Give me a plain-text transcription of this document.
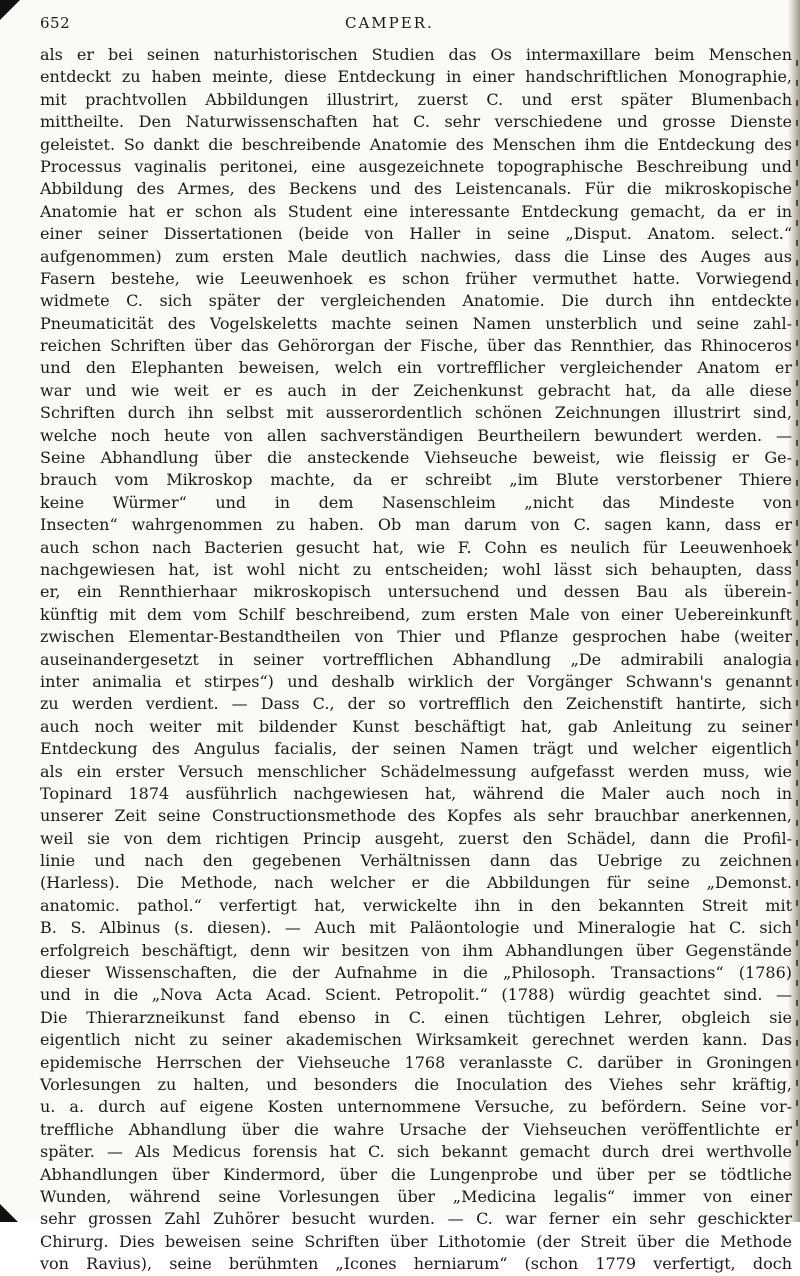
652	CAMPER.
als er bei seinen naturhistorischen Studien das Os intermaxillare beim Menschen
entdeckt zu haben meinte, diese Entdeckung in einer handschriftlichen Monographie,
mit prachtvollen Abbildungen illustrirt, zuerst C. und erst später Blumenbach
mittheilte. Den Naturwissenschaften hat C. sehr verschiedene und grosse Dienste
geleistet. So dankt die beschreibende Anatomie des Menschen ihm die Entdeckung des
Processus vaginalis peritonei, eine ausgezeichnete topographische Beschreibung und
Abbildung des Armes, des Beckens und des Leistencanals. Für die mikroskopische
Anatomie hat er schon als Student eine interessante Entdeckung gemacht, da er in
einer seiner Dissertationen (beide von Haller in seine „Disput. Anatom. select.“
aufgenommen) zum ersten Male deutlich nachwies, dass die Linse des Auges aus
Fasern bestehe, wie Leeuwenhoek es schon früher vermuthet hatte. Vorwiegend
widmete C. sich später der vergleichenden Anatomie. Die durch ihn entdeckte
Pneumaticität des Vogelskeletts machte seinen Namen unsterblich und seine zahl-
reichen Schriften über das Gehörorgan der Fische, über das Rennthier, das Rhinoceros
und den Elephanten beweisen, welch ein vortrefflicher vergleichender Anatom er
war und wie weit er es auch in der Zeichenkunst gebracht hat, da alle diese
Schriften durch ihn selbst mit ausserordentlich schönen Zeichnungen illustrirt sind,
welche noch heute von allen sachverständigen Beurtheilern bewundert werden. —
Seine Abhandlung über die ansteckende Viehseuche beweist, wie fleissig er Ge-
brauch vom Mikroskop machte, da er schreibt „im Blute verstorbener Thiere
keine Würmer“ und in dem Nasenschleim „nicht das Mindeste von
Insecten“ wahrgenommen zu haben. Ob man darum von C. sagen kann, dass er
auch schon nach Bacterien gesucht hat, wie F. Cohn es neulich für Leeuwenhoek
nachgewiesen hat, ist wohl nicht zu entscheiden; wohl lässt sich behaupten, dass
er, ein Rennthierhaar mikroskopisch untersuchend und dessen Bau als überein-
künftig mit dem vom Schilf beschreibend, zum ersten Male von einer Uebereinkunft
zwischen Elementar-Bestandtheilen von Thier und Pflanze gesprochen habe (weiter
auseinandergesetzt in seiner vortrefflichen Abhandlung „De admirabili analogia
inter animalia et stirpes“) und deshalb wirklich der Vorgänger Schwann's genannt
zu werden verdient. — Dass C., der so vortrefflich den Zeichenstift hantirte, sich
auch noch weiter mit bildender Kunst beschäftigt hat, gab Anleitung zu seiner
Entdeckung des Angulus facialis, der seinen Namen trägt und welcher eigentlich
als ein erster Versuch menschlicher Schädelmessung aufgefasst werden muss, wie
Topinard 1874 ausführlich nachgewiesen hat, während die Maler auch noch in
unserer Zeit seine Constructionsmethode des Kopfes als sehr brauchbar anerkennen,
weil sie von dem richtigen Princip ausgeht, zuerst den Schädel, dann die Profil-
linie und nach den gegebenen Verhältnissen dann das Uebrige zu zeichnen
(Harless). Die Methode, nach welcher er die Abbildungen für seine „Demonst.
anatomic. pathol.“ verfertigt hat, verwickelte ihn in den bekannten Streit mit
B. S. Albinus (s. diesen). — Auch mit Paläontologie und Mineralogie hat C. sich
erfolgreich beschäftigt, denn wir besitzen von ihm Abhandlungen über Gegenstände
dieser Wissenschaften, die der Aufnahme in die „Philosoph. Transactions“ (1786)
und in die „Nova Acta Acad. Scient. Petropolit.“ (1788) würdig geachtet sind. —
Die Thierarzneikunst fand ebenso in C. einen tüchtigen Lehrer, obgleich sie
eigentlich nicht zu seiner akademischen Wirksamkeit gerechnet werden kann. Das
epidemische Herrschen der Viehseuche 1768 veranlasste C. darüber in Groningen
Vorlesungen zu halten, und besonders die Inoculation des Viehes sehr kräftig,
u. a. durch auf eigene Kosten unternommene Versuche, zu befördern. Seine vor-
treffliche Abhandlung über die wahre Ursache der Viehseuchen veröffentlichte er
später. — Als Medicus forensis hat C. sich bekannt gemacht durch drei werthvolle
Abhandlungen über Kindermord, über die Lungenprobe und über per se tödtliche
Wunden, während seine Vorlesungen über „Medicina legalis“ immer von einer
sehr grossen Zahl Zuhörer besucht wurden. — C. war ferner ein sehr geschickter
Chirurg. Dies beweisen seine Schriften über Lithotomie (der Streit über die Methode
von Ravius), seine berühmten „Icones herniarum“ (schon 1779 verfertigt, doch
